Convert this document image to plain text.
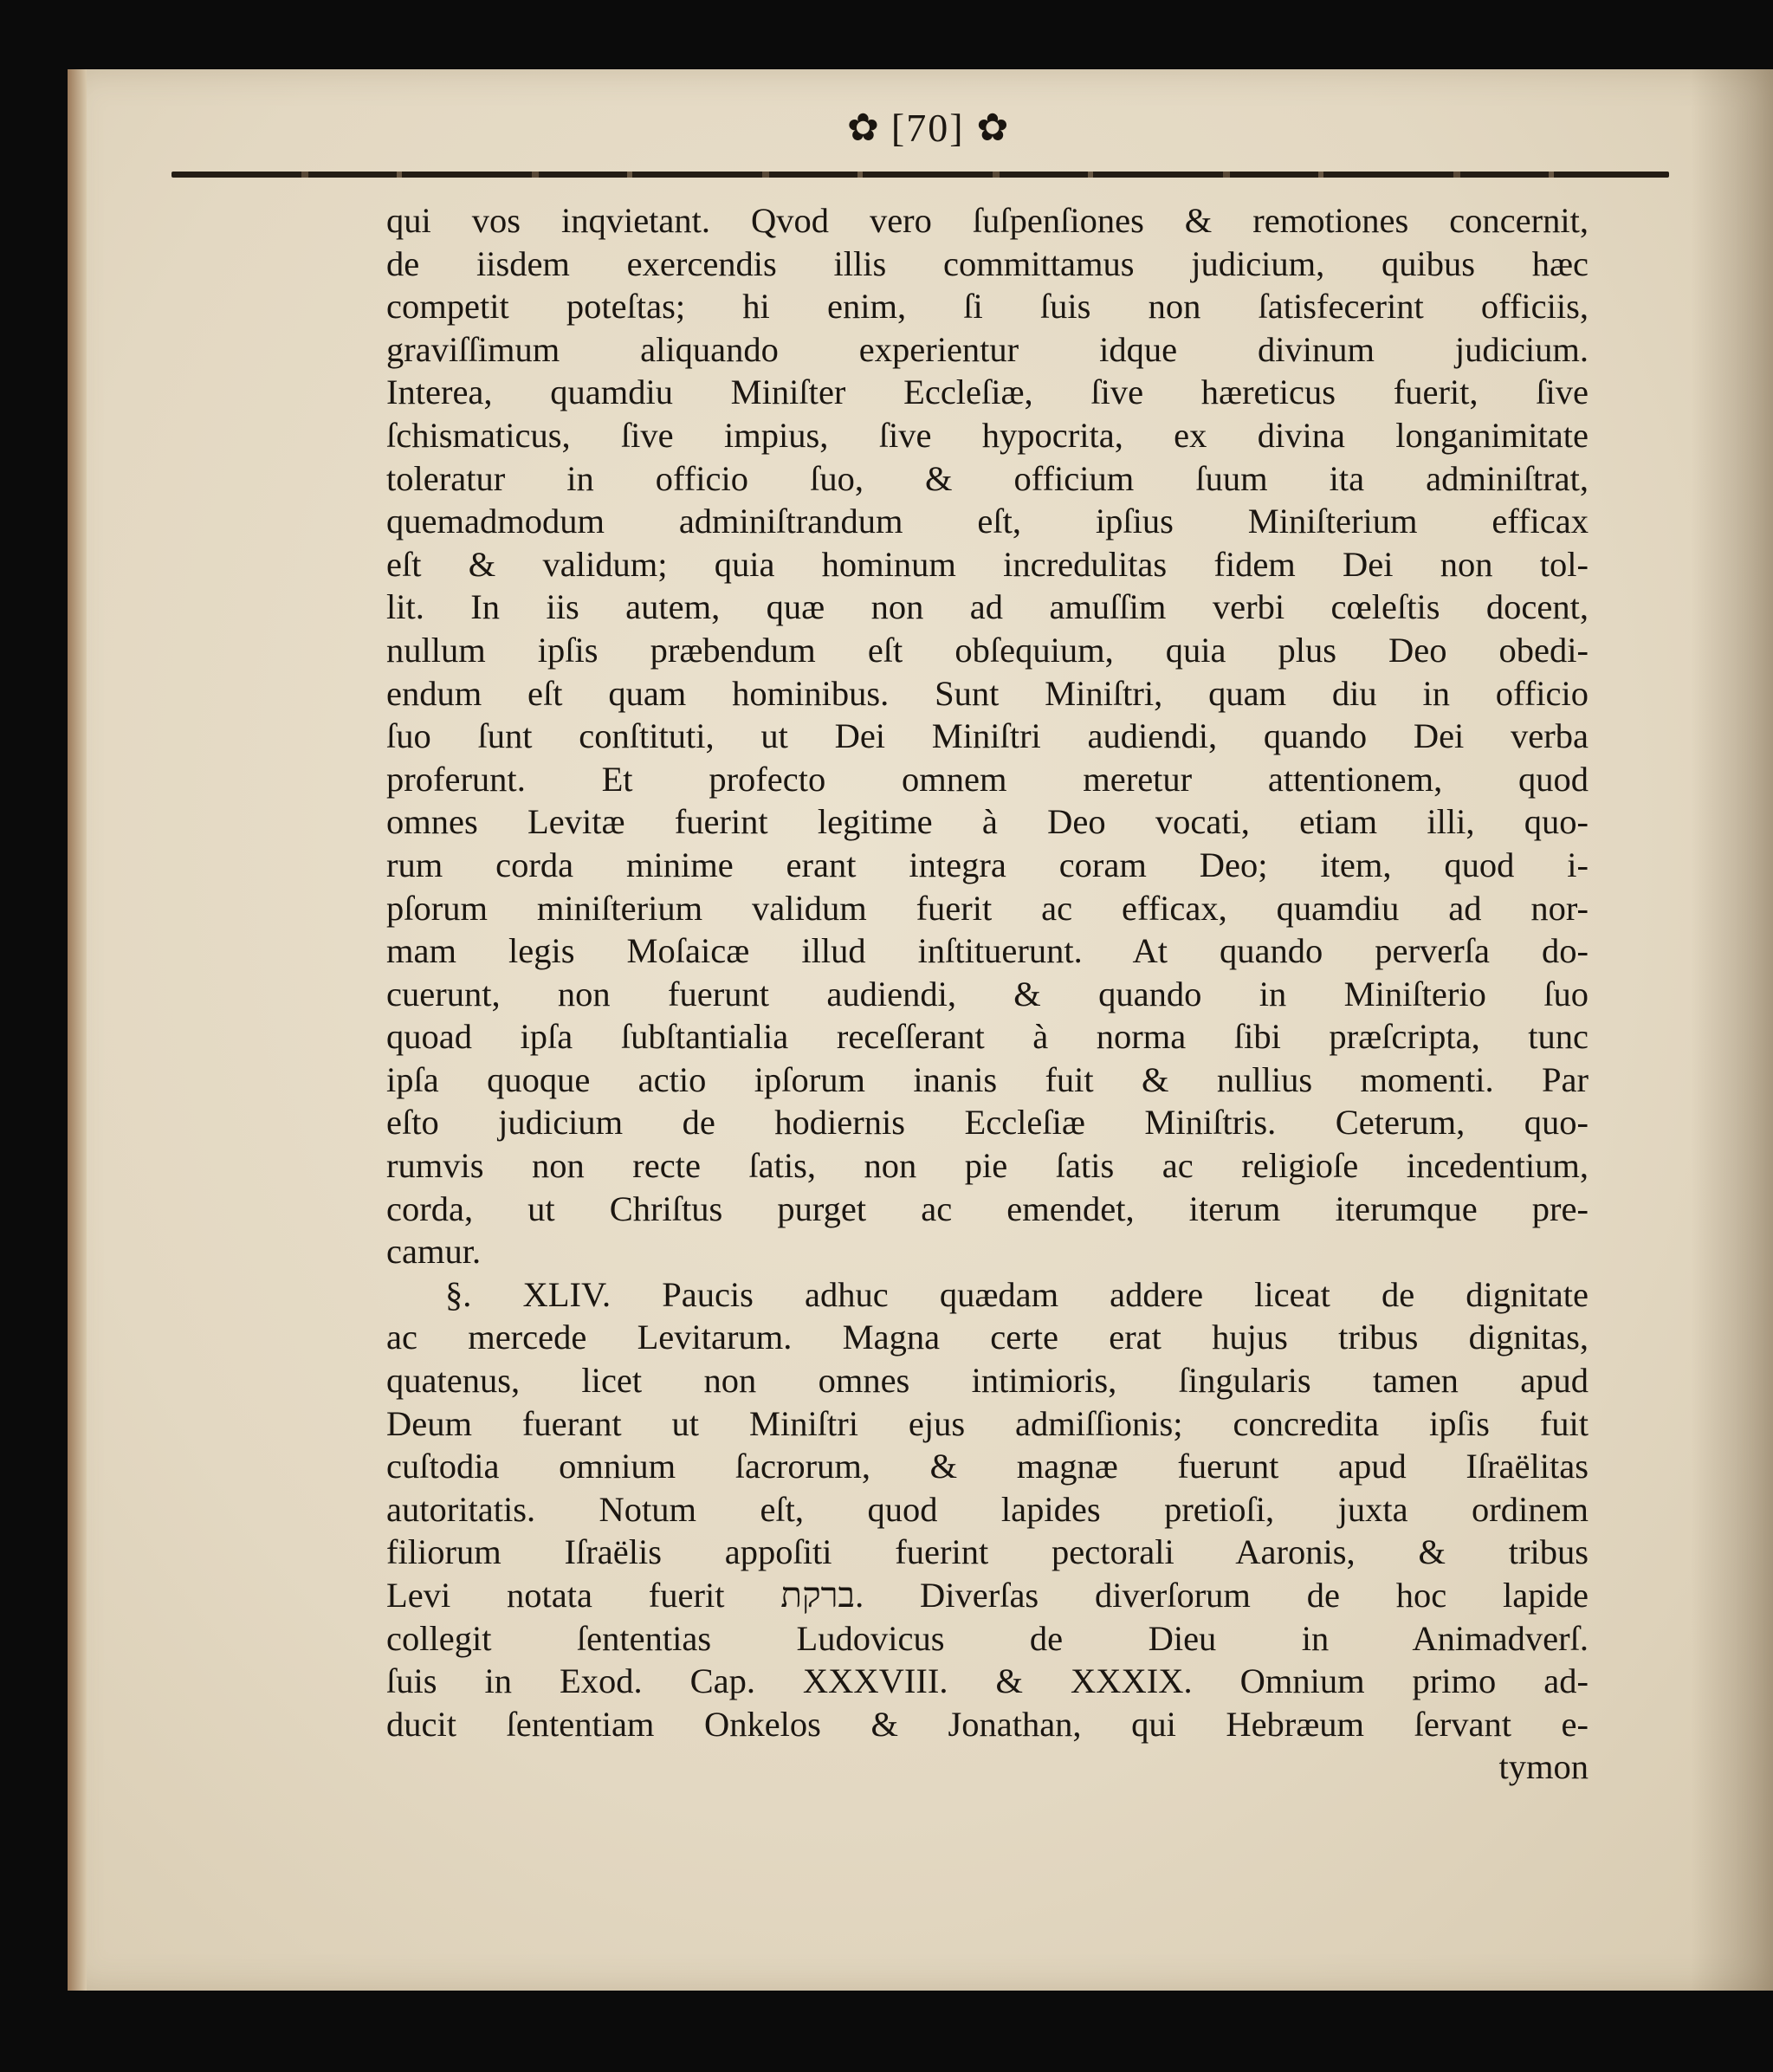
✿ [70] ✿
qui vos inqvietant. Qvod vero ſuſpenſiones & remotiones concernit,
de iisdem exercendis illis committamus judicium, quibus hæc
competit poteſtas; hi enim, ſi ſuis non ſatisfecerint officiis,
graviſſimum aliquando experientur idque divinum judicium.
Interea, quamdiu Miniſter Eccleſiæ, ſive hæreticus fuerit, ſive
ſchismaticus, ſive impius, ſive hypocrita, ex divina longanimitate
toleratur in officio ſuo, & officium ſuum ita adminiſtrat,
quemadmodum adminiſtrandum eſt, ipſius Miniſterium efficax
eſt & validum; quia hominum incredulitas fidem Dei non tol-
lit. In iis autem, quæ non ad amuſſim verbi cœleſtis docent,
nullum ipſis præbendum eſt obſequium, quia plus Deo obedi-
endum eſt quam hominibus. Sunt Miniſtri, quam diu in officio
ſuo ſunt conſtituti, ut Dei Miniſtri audiendi, quando Dei verba
proferunt. Et profecto omnem meretur attentionem, quod
omnes Levitæ fuerint legitime à Deo vocati, etiam illi, quo-
rum corda minime erant integra coram Deo; item, quod i-
pſorum miniſterium validum fuerit ac efficax, quamdiu ad nor-
mam legis Moſaicæ illud inſtituerunt. At quando perverſa do-
cuerunt, non fuerunt audiendi, & quando in Miniſterio ſuo
quoad ipſa ſubſtantialia receſſerant à norma ſibi præſcripta, tunc
ipſa quoque actio ipſorum inanis fuit & nullius momenti. Par
eſto judicium de hodiernis Eccleſiæ Miniſtris. Ceterum, quo-
rumvis non recte ſatis, non pie ſatis ac religioſe incedentium,
corda, ut Chriſtus purget ac emendet, iterum iterumque pre-
camur.
§. XLIV. Paucis adhuc quædam addere liceat de dignitate
ac mercede Levitarum. Magna certe erat hujus tribus dignitas,
quatenus, licet non omnes intimioris, ſingularis tamen apud
Deum fuerant ut Miniſtri ejus admiſſionis; concredita ipſis fuit
cuſtodia omnium ſacrorum, & magnæ fuerunt apud Iſraëlitas
autoritatis. Notum eſt, quod lapides pretioſi, juxta ordinem
filiorum Iſraëlis appoſiti fuerint pectorali Aaronis, & tribus
Levi notata fuerit ברקת. Diverſas diverſorum de hoc lapide
collegit ſententias Ludovicus de Dieu in Animadverſ.
ſuis in Exod. Cap. XXXVIII. & XXXIX. Omnium primo ad-
ducit ſententiam Onkelos & Jonathan, qui Hebræum ſervant e-
tymon
